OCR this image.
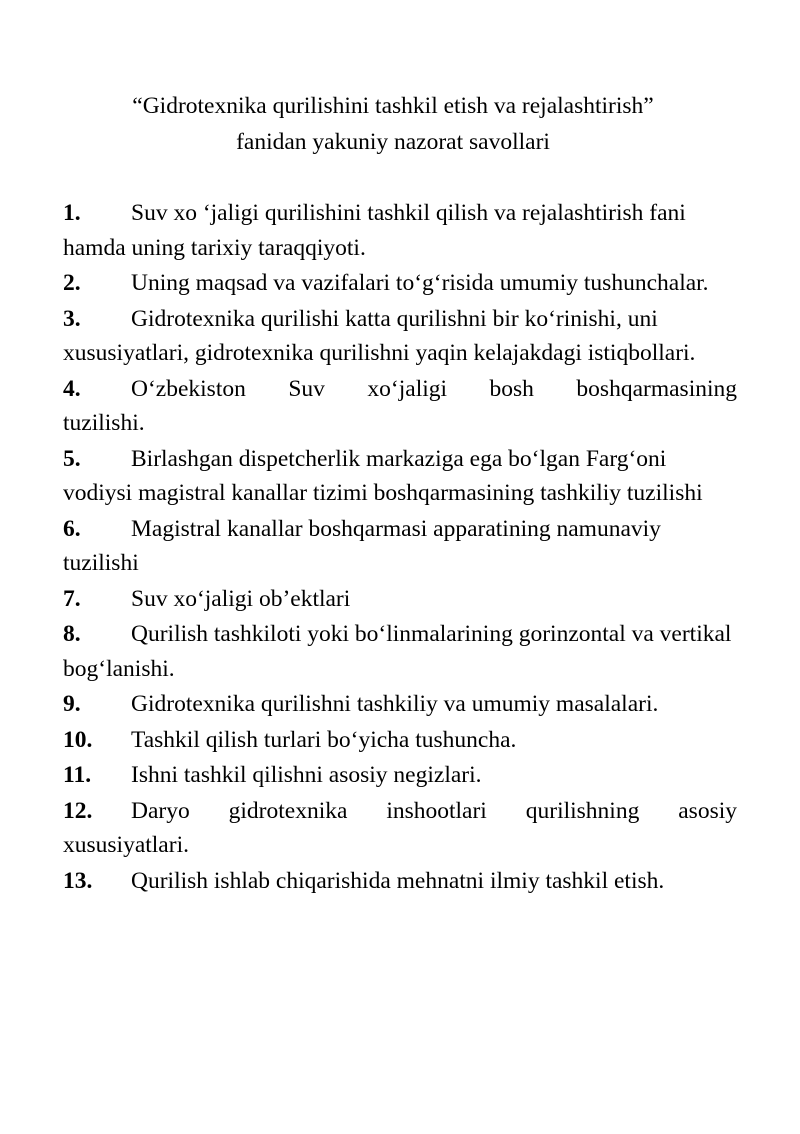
“Gidrotexnika qurilishini tashkil etish va rejalashtirish”
fanidan yakuniy nazorat savollari

1. Suv xo ‘jaligi qurilishini tashkil qilish va rejalashtirish fani hamda uning tarixiy taraqqiyoti.

2. Uning maqsad va vazifalari to‘g‘risida umumiy tushunchalar.

3. Gidrotexnika qurilishi katta qurilishni bir ko‘rinishi, uni xususiyatlari, gidrotexnika qurilishni yaqin kelajakdagi istiqbollari.

4. O‘zbekiston Suv xo‘jaligi bosh boshqarmasining tuzilishi.

5. Birlashgan dispetcherlik markaziga ega bo‘lgan Farg‘oni vodiysi magistral kanallar tizimi boshqarmasining tashkiliy tuzilishi

6. Magistral kanallar boshqarmasi apparatining namunaviy tuzilishi

7. Suv xo‘jaligi ob’ektlari

8. Qurilish tashkiloti yoki bo‘linmalarining gorinzontal va vertikal bog‘lanishi.

9. Gidrotexnika qurilishni tashkiliy va umumiy masalalari.

10. Tashkil qilish turlari bo‘yicha tushuncha.

11. Ishni tashkil qilishni asosiy negizlari.

12. Daryo gidrotexnika inshootlari qurilishning asosiy xususiyatlari.

13. Qurilish ishlab chiqarishida mehnatni ilmiy tashkil etish.
